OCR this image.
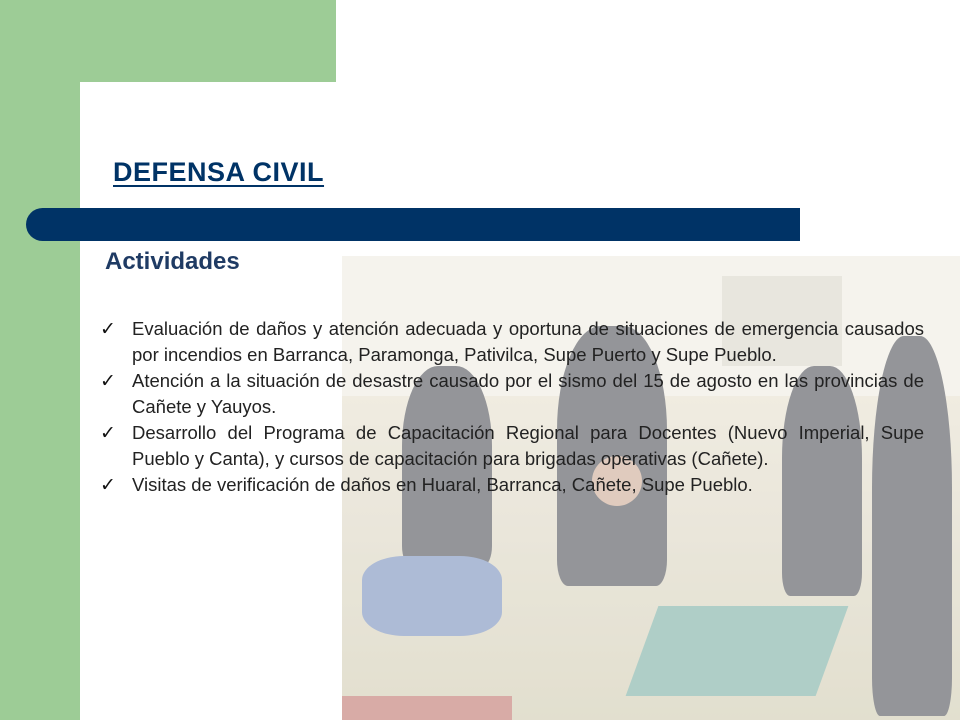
DEFENSA CIVIL
Actividades
✓ Evaluación de daños y atención adecuada y oportuna de situaciones de emergencia causados por incendios en Barranca, Paramonga, Pativilca, Supe Puerto y Supe Pueblo.
✓ Atención a la situación de desastre causado por el sismo del 15 de agosto en las provincias de Cañete y Yauyos.
✓ Desarrollo del Programa de Capacitación Regional para Docentes (Nuevo Imperial, Supe Pueblo y Canta), y cursos de capacitación para brigadas operativas (Cañete).
✓ Visitas de verificación de daños en Huaral, Barranca, Cañete, Supe Pueblo.
